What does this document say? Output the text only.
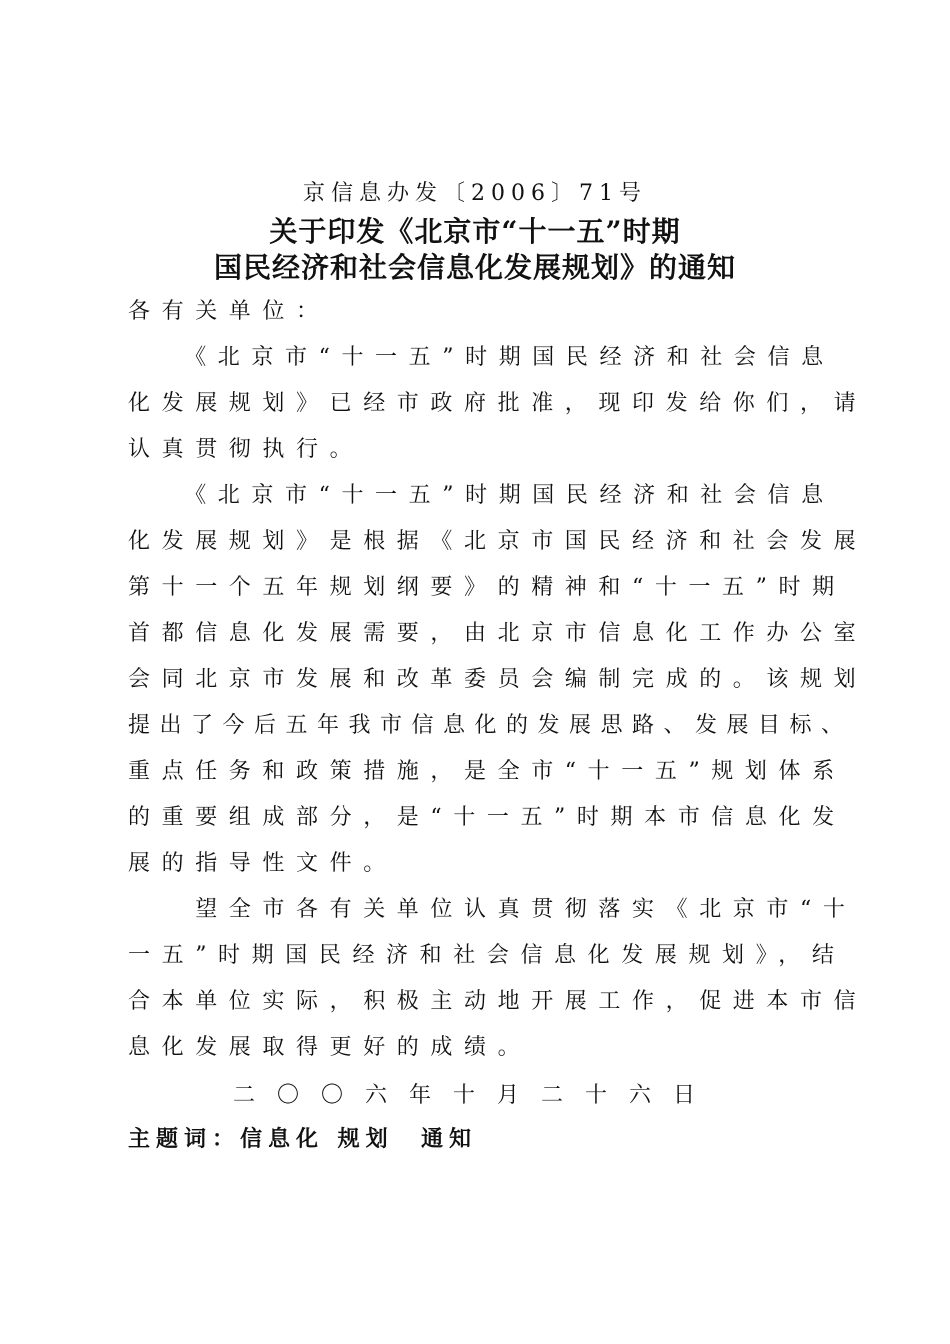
京信息办发〔2006〕71号
关于印发《北京市“十一五”时期
国民经济和社会信息化发展规划》的通知
各有关单位：
　　《北京市“十一五”时期国民经济和社会信息
化发展规划》已经市政府批准，现印发给你们，请
认真贯彻执行。
　　《北京市“十一五”时期国民经济和社会信息
化发展规划》是根据《北京市国民经济和社会发展
第十一个五年规划纲要》的精神和“十一五”时期
首都信息化发展需要，由北京市信息化工作办公室
会同北京市发展和改革委员会编制完成的。该规划
提出了今后五年我市信息化的发展思路、发展目标、
重点任务和政策措施，是全市“十一五”规划体系
的重要组成部分，是“十一五”时期本市信息化发
展的指导性文件。
　　望全市各有关单位认真贯彻落实《北京市“十
一五”时期国民经济和社会信息化发展规划》，结
合本单位实际，积极主动地开展工作，促进本市信
息化发展取得更好的成绩。
二〇〇六年十月二十六日
主题词：信息化 规划  通知
